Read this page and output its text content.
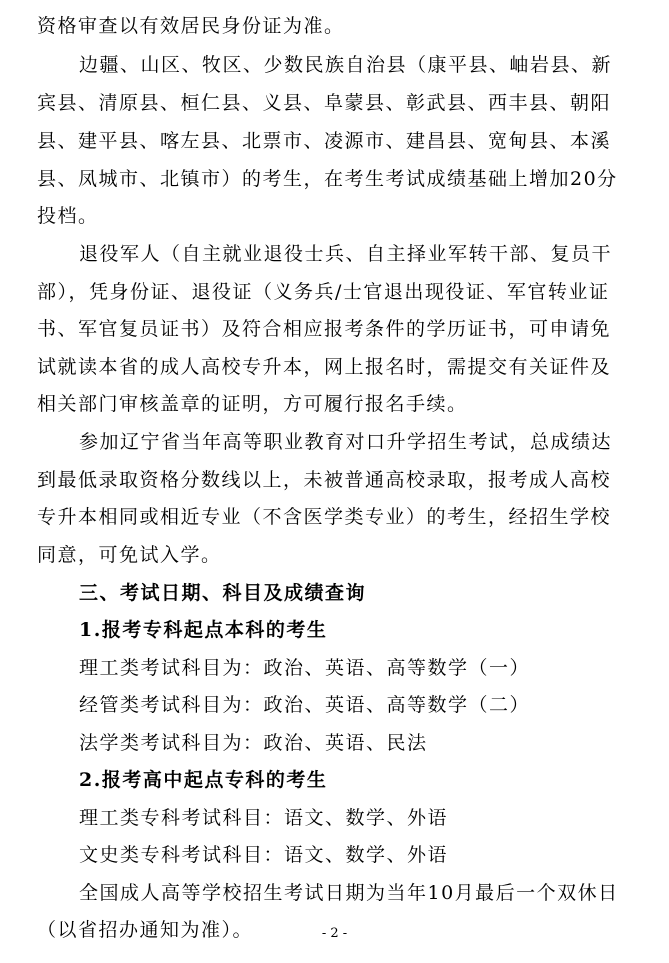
资格审查以有效居民身份证为准。
边疆、山区、牧区、少数民族自治县（康平县、岫岩县、新
宾县、清原县、桓仁县、义县、阜蒙县、彰武县、西丰县、朝阳
县、建平县、喀左县、北票市、凌源市、建昌县、宽甸县、本溪
县、凤城市、北镇市）的考生，在考生考试成绩基础上增加20分
投档。
退役军人（自主就业退役士兵、自主择业军转干部、复员干
部），凭身份证、退役证（义务兵/士官退出现役证、军官转业证
书、军官复员证书）及符合相应报考条件的学历证书，可申请免
试就读本省的成人高校专升本，网上报名时，需提交有关证件及
相关部门审核盖章的证明，方可履行报名手续。
参加辽宁省当年高等职业教育对口升学招生考试，总成绩达
到最低录取资格分数线以上，未被普通高校录取，报考成人高校
专升本相同或相近专业（不含医学类专业）的考生，经招生学校
同意，可免试入学。
三、考试日期、科目及成绩查询
1.报考专科起点本科的考生
理工类考试科目为：政治、英语、高等数学（一）
经管类考试科目为：政治、英语、高等数学（二）
法学类考试科目为：政治、英语、民法
2.报考高中起点专科的考生
理工类专科考试科目：语文、数学、外语
文史类专科考试科目：语文、数学、外语
全国成人高等学校招生考试日期为当年10月最后一个双休日
（以省招办通知为准）。	- 2 -
